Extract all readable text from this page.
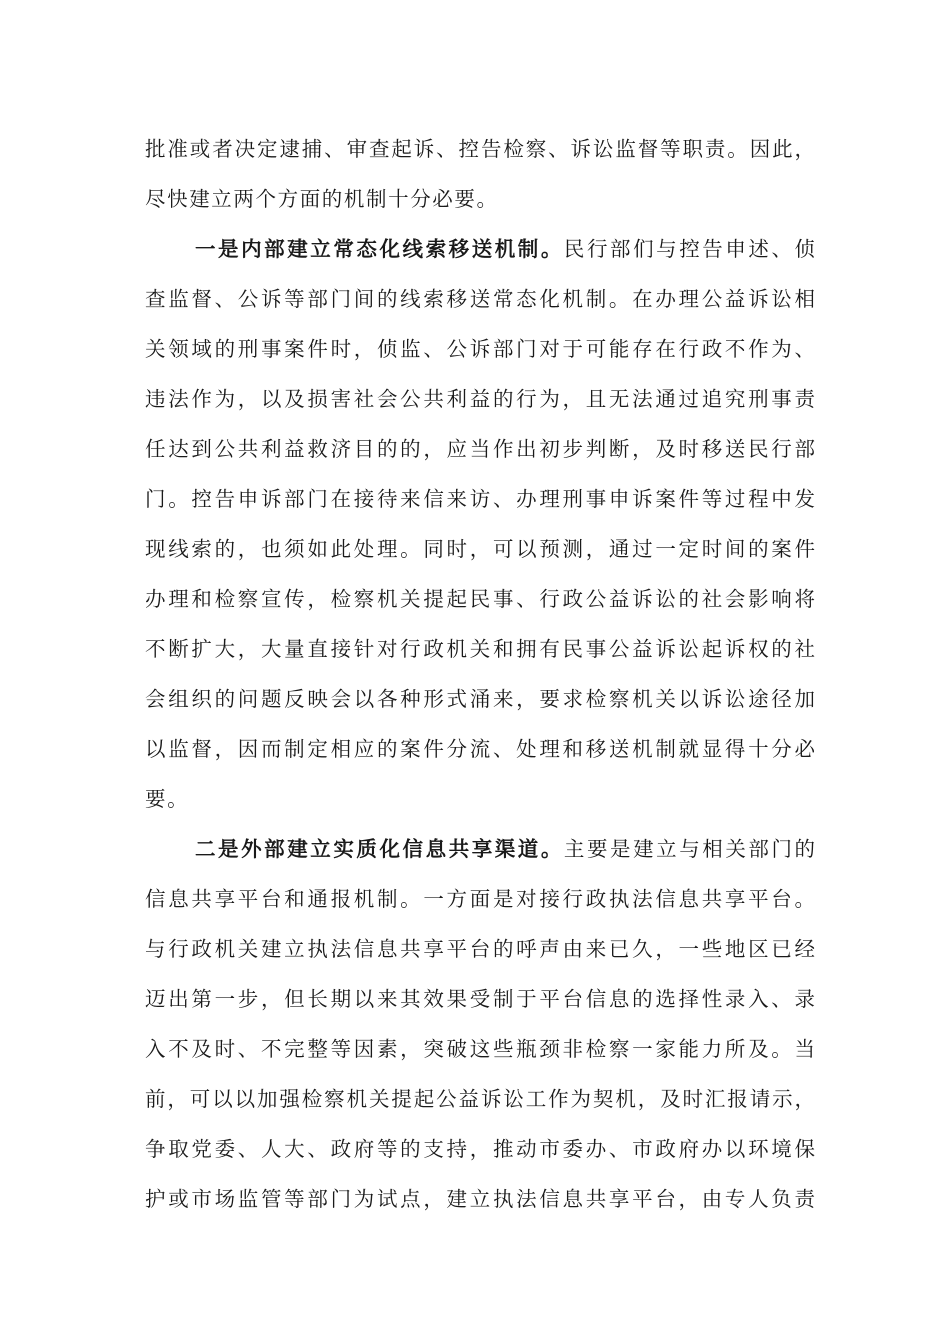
批准或者决定逮捕、审查起诉、控告检察、诉讼监督等职责。因此，
尽快建立两个方面的机制十分必要。
一是内部建立常态化线索移送机制。民行部们与控告申述、侦
查监督、公诉等部门间的线索移送常态化机制。在办理公益诉讼相
关领域的刑事案件时，侦监、公诉部门对于可能存在行政不作为、
违法作为，以及损害社会公共利益的行为，且无法通过追究刑事责
任达到公共利益救济目的的，应当作出初步判断，及时移送民行部
门。控告申诉部门在接待来信来访、办理刑事申诉案件等过程中发
现线索的，也须如此处理。同时，可以预测，通过一定时间的案件
办理和检察宣传，检察机关提起民事、行政公益诉讼的社会影响将
不断扩大，大量直接针对行政机关和拥有民事公益诉讼起诉权的社
会组织的问题反映会以各种形式涌来，要求检察机关以诉讼途径加
以监督，因而制定相应的案件分流、处理和移送机制就显得十分必
要。
二是外部建立实质化信息共享渠道。主要是建立与相关部门的
信息共享平台和通报机制。一方面是对接行政执法信息共享平台。
与行政机关建立执法信息共享平台的呼声由来已久，一些地区已经
迈出第一步，但长期以来其效果受制于平台信息的选择性录入、录
入不及时、不完整等因素，突破这些瓶颈非检察一家能力所及。当
前，可以以加强检察机关提起公益诉讼工作为契机，及时汇报请示，
争取党委、人大、政府等的支持，推动市委办、市政府办以环境保
护或市场监管等部门为试点，建立执法信息共享平台，由专人负责
